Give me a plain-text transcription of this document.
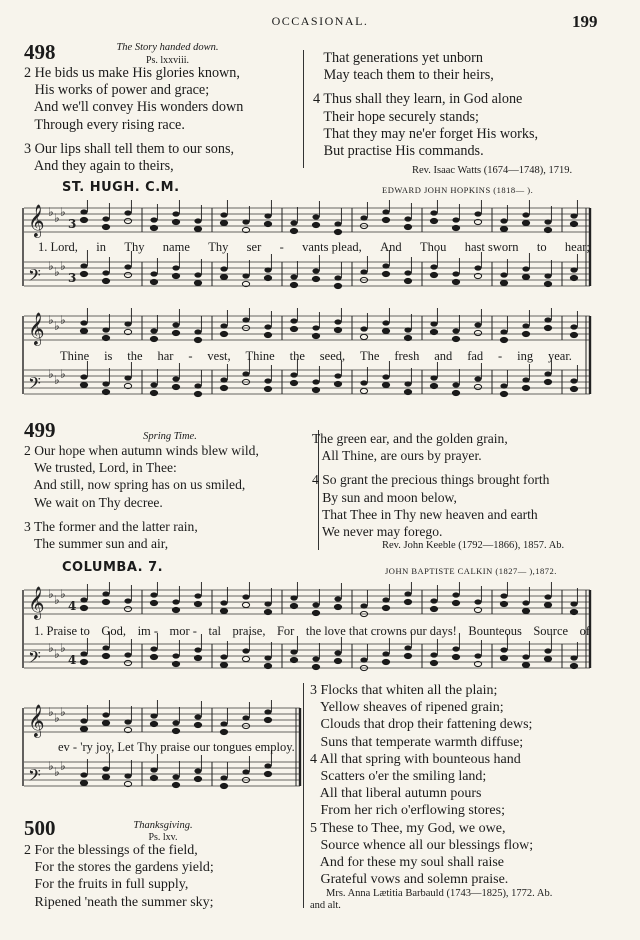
OCCASIONAL.	199
498	The Story handed down.
Ps. lxxviii.
2 He bids us make His glories known,
His works of power and grace;
And we'll convey His wonders down
Through every rising race.

3 Our lips shall tell them to our sons,
And they again to theirs,
That generations yet unborn
May teach them to their heirs,

4 Thus shall they learn, in God alone
Their hope securely stands;
That they may ne'er forget His works,
But practise His commands.
Rev. Isaac Watts (1674—1748), 1719.
ST. HUGH. C.M.	EDWARD JOHN HOPKINS (1818— ).
𝄞 ♭ ♭ ♭
3
𝄢 ♭ ♭ ♭
3
1. Lord, in Thy name Thy ser - vants plead, And Thou hast sworn to hear;
𝄞 ♭ ♭ ♭
𝄢 ♭ ♭ ♭
Thine is the har - vest, Thine the seed, The fresh and fad - ing year.
499	Spring Time.
2 Our hope when autumn winds blew wild,
We trusted, Lord, in Thee:
And still, now spring has on us smiled,
We wait on Thy decree.

3 The former and the latter rain,
The summer sun and air,
The green ear, and the golden grain,
All Thine, are ours by prayer.

4 So grant the precious things brought forth
By sun and moon below,
That Thee in Thy new heaven and earth
We never may forego.
Rev. John Keeble (1792—1866), 1857. Ab.
COLUMBA. 7.	JOHN BAPTISTE CALKIN (1827— ),1872.
𝄞 ♭ ♭ ♭
4
𝄢 ♭ ♭ ♭
4
1. Praise to God, im - mor - tal praise, For the love that crowns our days! Bounteous Source of
𝄞 ♭ ♭ ♭
𝄢 ♭ ♭ ♭
ev - 'ry joy, Let Thy praise our tongues employ.
500	Thanksgiving.
Ps. lxv.
2 For the blessings of the field,
For the stores the gardens yield;
For the fruits in full supply,
Ripened 'neath the summer sky;
3 Flocks that whiten all the plain;
Yellow sheaves of ripened grain;
Clouds that drop their fattening dews;
Suns that temperate warmth diffuse;
4 All that spring with bounteous hand
Scatters o'er the smiling land;
All that liberal autumn pours
From her rich o'erflowing stores;
5 These to Thee, my God, we owe,
Source whence all our blessings flow;
And for these my soul shall raise
Grateful vows and solemn praise.
Mrs. Anna Lætitia Barbauld (1743—1825), 1772. Ab.
and alt.
